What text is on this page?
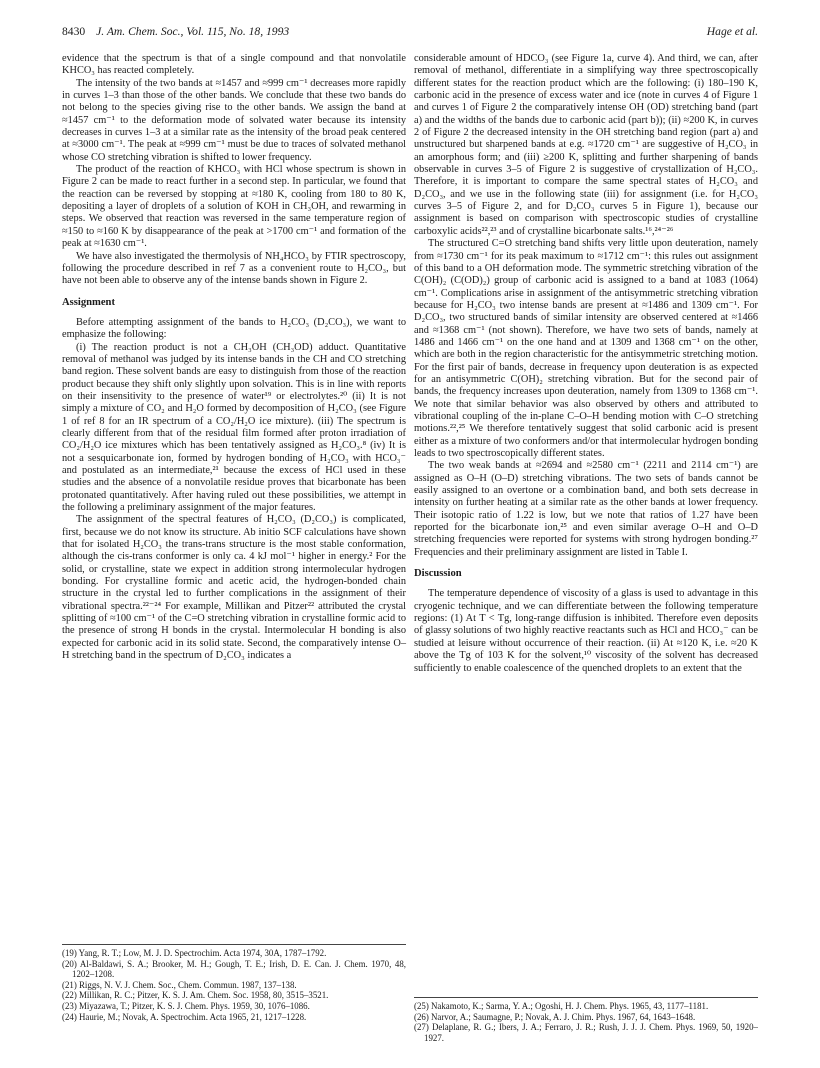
8430 J. Am. Chem. Soc., Vol. 115, No. 18, 1993	Hage et al.

evidence that the spectrum is that of a single compound and that nonvolatile KHCO₃ has reacted completely.

The intensity of the two bands at ≈1457 and ≈999 cm⁻¹ decreases more rapidly in curves 1–3 than those of the other bands. We conclude that these two bands do not belong to the species giving rise to the other bands. We assign the band at ≈1457 cm⁻¹ to the deformation mode of solvated water because its intensity decreases in curves 1–3 at a similar rate as the intensity of the broad peak centered at ≈3000 cm⁻¹. The peak at ≈999 cm⁻¹ must be due to traces of solvated methanol whose CO stretching vibration is shifted to lower frequency.

The product of the reaction of KHCO₃ with HCl whose spectrum is shown in Figure 2 can be made to react further in a second step. In particular, we found that the reaction can be reversed by stopping at ≈180 K, cooling from 180 to 80 K, depositing a layer of droplets of a solution of KOH in CH₃OH, and rewarming in steps. We observed that reaction was reversed in the same temperature region of ≈150 to ≈160 K by disappearance of the peak at >1700 cm⁻¹ and formation of the peak at ≈1630 cm⁻¹.

We have also investigated the thermolysis of NH₄HCO₃ by FTIR spectroscopy, following the procedure described in ref 7 as a convenient route to H₂CO₃, but have not been able to observe any of the intense bands shown in Figure 2.

Assignment

Before attempting assignment of the bands to H₂CO₃ (D₂CO₃), we want to emphasize the following:

(i) The reaction product is not a CH₃OH (CH₃OD) adduct. Quantitative removal of methanol was judged by its intense bands in the CH and CO stretching band region. These solvent bands are easy to distinguish from those of the reaction product because they shift only slightly upon solvation. This is in line with reports on their insensitivity to the presence of water¹⁹ or electrolytes.²⁰ (ii) It is not simply a mixture of CO₂ and H₂O formed by decomposition of H₂CO₃ (see Figure 1 of ref 8 for an IR spectrum of a CO₂/H₂O ice mixture). (iii) The spectrum is clearly different from that of the residual film formed after proton irradiation of CO₂/H₂O ice mixtures which has been tentatively assigned as H₂CO₃.⁸ (iv) It is not a sesquicarbonate ion, formed by hydrogen bonding of H₂CO₃ with HCO₃⁻ and postulated as an intermediate,²¹ because the excess of HCl used in these studies and the absence of a nonvolatile residue proves that bicarbonate has been protonated quantitatively. After having ruled out these possibilities, we attempt in the following a preliminary assignment of the major features.

The assignment of the spectral features of H₂CO₃ (D₂CO₃) is complicated, first, because we do not know its structure. Ab initio SCF calculations have shown that for isolated H₂CO₃ the trans-trans structure is the most stable conformation, although the cis-trans conformer is only ca. 4 kJ mol⁻¹ higher in energy.² For the solid, or crystalline, state we expect in addition strong intermolecular hydrogen bonding. For crystalline formic and acetic acid, the hydrogen-bonded chain structure in the crystal led to further complications in the assignment of their vibrational spectra.²²⁻²⁴ For example, Millikan and Pitzer²² attributed the crystal splitting of ≈100 cm⁻¹ of the C=O stretching vibration in crystalline formic acid to the presence of strong H bonds in the crystal. Intermolecular H bonding is also expected for carbonic acid in its solid state. Second, the comparatively intense O–H stretching band in the spectrum of D₂CO₃ indicates a

considerable amount of HDCO₃ (see Figure 1a, curve 4). And third, we can, after removal of methanol, differentiate in a simplifying way three spectroscopically different states for the reaction product which are the following: (i) 180–190 K, carbonic acid in the presence of excess water and ice (note in curves 4 of Figure 1 and curves 1 of Figure 2 the comparatively intense OH (OD) stretching band (part a) and the widths of the bands due to carbonic acid (part b)); (ii) ≈200 K, in curves 2 of Figure 2 the decreased intensity in the OH stretching band region (part a) and unstructured but sharpened bands at e.g. ≈1720 cm⁻¹ are suggestive of H₂CO₃ in an amorphous form; and (iii) ≥200 K, splitting and further sharpening of bands observable in curves 3–5 of Figure 2 is suggestive of crystallization of H₂CO₃. Therefore, it is important to compare the same spectral states of H₂CO₃ and D₂CO₃, and we use in the following state (iii) for assignment (i.e. for H₂CO₃ curves 3–5 of Figure 2, and for D₂CO₃ curves 5 in Figure 1), because our assignment is based on comparison with spectroscopic studies of crystalline carboxylic acids²²,²³ and of crystalline bicarbonate salts.¹⁶,²⁴⁻²⁶

The structured C=O stretching band shifts very little upon deuteration, namely from ≈1730 cm⁻¹ for its peak maximum to ≈1712 cm⁻¹: this rules out assignment of this band to a OH deformation mode. The symmetric stretching vibration of the C(OH)₂ (C(OD)₂) group of carbonic acid is assigned to a band at 1083 (1064) cm⁻¹. Complications arise in assignment of the antisymmetric stretching vibration because for H₂CO₃ two intense bands are present at ≈1486 and 1309 cm⁻¹. For D₂CO₃, two structured bands of similar intensity are observed centered at ≈1466 and ≈1368 cm⁻¹ (not shown). Therefore, we have two sets of bands, namely at 1486 and 1466 cm⁻¹ on the one hand and at 1309 and 1368 cm⁻¹ on the other, which are both in the region characteristic for the antisymmetric stretching motion. For the first pair of bands, decrease in frequency upon deuteration is as expected for an antisymmetric C(OH)₂ stretching vibration. But for the second pair of bands, the frequency increases upon deuteration, namely from 1309 to 1368 cm⁻¹. We note that similar behavior was also observed by others and attributed to vibrational coupling of the in-plane C–O–H bending motion with C–O stretching motions.²²,²⁵ We therefore tentatively suggest that solid carbonic acid is present either as a mixture of two conformers and/or that intermolecular hydrogen bonding leads to two spectroscopically different states.

The two weak bands at ≈2694 and ≈2580 cm⁻¹ (2211 and 2114 cm⁻¹) are assigned as O–H (O–D) stretching vibrations. The two sets of bands cannot be easily assigned to an overtone or a combination band, and both sets decrease in intensity on further heating at a similar rate as the other bands at lower frequency. Their isotopic ratio of 1.22 is low, but we note that ratios of 1.27 have been reported for the bicarbonate ion,²⁵ and even similar average O–H and O–D stretching frequencies were reported for systems with strong hydrogen bonding.²⁷ Frequencies and their preliminary assignment are listed in Table I.

Discussion

The temperature dependence of viscosity of a glass is used to advantage in this cryogenic technique, and we can differentiate between the following temperature regions: (1) At T < Tg, long-range diffusion is inhibited. Therefore even deposits of glassy solutions of two highly reactive reactants such as HCl and HCO₃⁻ can be studied at leisure without occurrence of their reaction. (ii) At ≈120 K, i.e. ≈20 K above the Tg of 103 K for the solvent,¹⁰ viscosity of the solvent has decreased sufficiently to enable coalescence of the quenched droplets to an extent that the

(19) Yang, R. T.; Low, M. J. D. Spectrochim. Acta 1974, 30A, 1787–1792.
(20) Al-Baldawi, S. A.; Brooker, M. H.; Gough, T. E.; Irish, D. E. Can. J. Chem. 1970, 48, 1202–1208.
(21) Riggs, N. V. J. Chem. Soc., Chem. Commun. 1987, 137–138.
(22) Millikan, R. C.; Pitzer, K. S. J. Am. Chem. Soc. 1958, 80, 3515–3521.
(23) Miyazawa, T.; Pitzer, K. S. J. Chem. Phys. 1959, 30, 1076–1086.
(24) Haurie, M.; Novak, A. Spectrochim. Acta 1965, 21, 1217–1228.
(25) Nakamoto, K.; Sarma, Y. A.; Ogoshi, H. J. Chem. Phys. 1965, 43, 1177–1181.
(26) Narvor, A.; Saumagne, P.; Novak, A. J. Chim. Phys. 1967, 64, 1643–1648.
(27) Delaplane, R. G.; Ibers, J. A.; Ferraro, J. R.; Rush, J. J. J. Chem. Phys. 1969, 50, 1920–1927.
